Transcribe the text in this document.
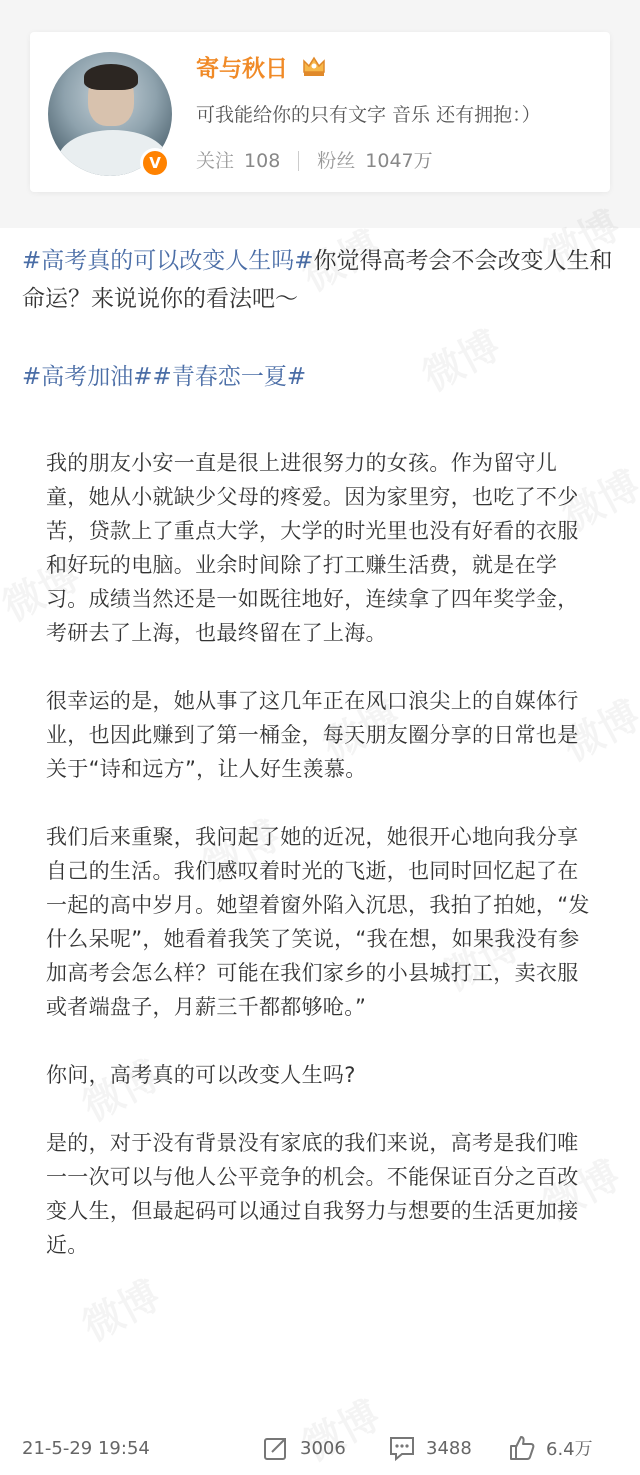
V
寄与秋日
可我能给你的只有文字 音乐 还有拥抱：）
关注 108 粉丝 1047万
#高考真的可以改变人生吗#你觉得高考会不会改变人生和命运？来说说你的看法吧～
#高考加油##青春恋一夏#

我的朋友小安一直是很上进很努力的女孩。作为留守儿童，她从小就缺少父母的疼爱。因为家里穷，也吃了不少苦，贷款上了重点大学，大学的时光里也没有好看的衣服和好玩的电脑。业余时间除了打工赚生活费，就是在学习。成绩当然还是一如既往地好，连续拿了四年奖学金，考研去了上海，也最终留在了上海。

很幸运的是，她从事了这几年正在风口浪尖上的自媒体行业，也因此赚到了第一桶金，每天朋友圈分享的日常也是关于“诗和远方”，让人好生羡慕。

我们后来重聚，我问起了她的近况，她很开心地向我分享自己的生活。我们感叹着时光的飞逝，也同时回忆起了在一起的高中岁月。她望着窗外陷入沉思，我拍了拍她，“发什么呆呢”，她看着我笑了笑说，“我在想，如果我没有参加高考会怎么样？可能在我们家乡的小县城打工，卖衣服或者端盘子，月薪三千都都够呛。”

你问，高考真的可以改变人生吗?

是的，对于没有背景没有家底的我们来说，高考是我们唯一一次可以与他人公平竞争的机会。不能保证百分之百改变人生，但最起码可以通过自我努力与想要的生活更加接近。

21-5-29 19:54	3006	3488	6.4万
